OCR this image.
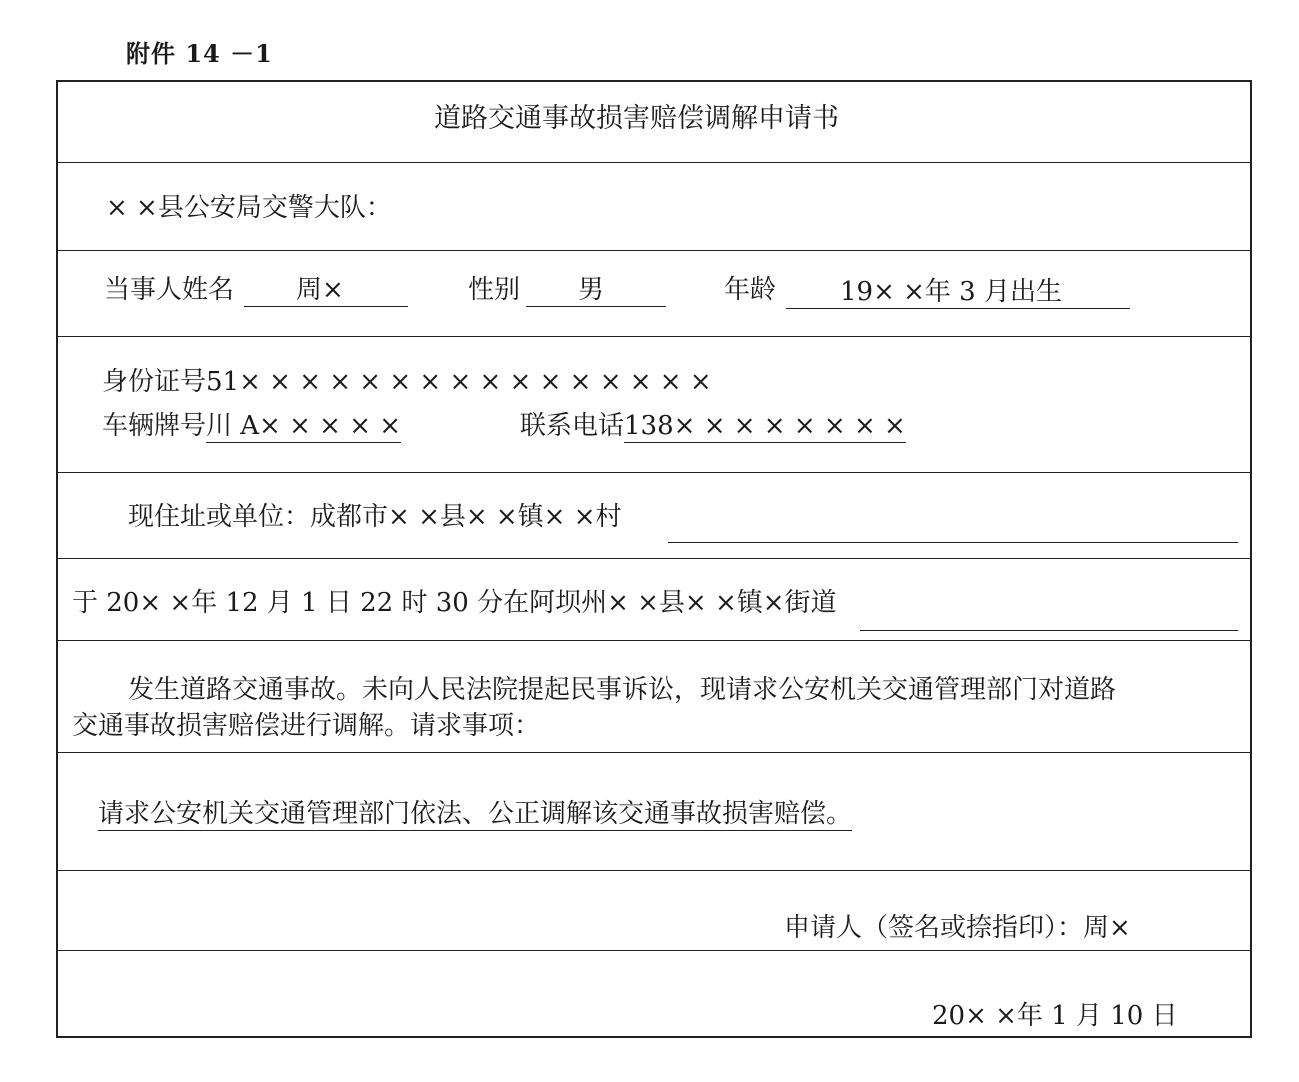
附件 14 －1
道路交通事故损害赔偿调解申请书
× ×县公安局交警大队：
当事人姓名	周×	性别	男	年龄	19× ×年 3 月出生
身份证号51× × × × × × × × × × × × × × × ×
车辆牌号川 A× × × × ×	联系电话138× × × × × × × ×
现住址或单位：成都市× ×县× ×镇× ×村
于 20× ×年 12 月 1 日 22 时 30 分在阿坝州× ×县× ×镇×街道
发生道路交通事故。未向人民法院提起民事诉讼，现请求公安机关交通管理部门对道路
交通事故损害赔偿进行调解。请求事项：
请求公安机关交通管理部门依法、公正调解该交通事故损害赔偿。
申请人（签名或捺指印）：周×
20× ×年 1 月 10 日
